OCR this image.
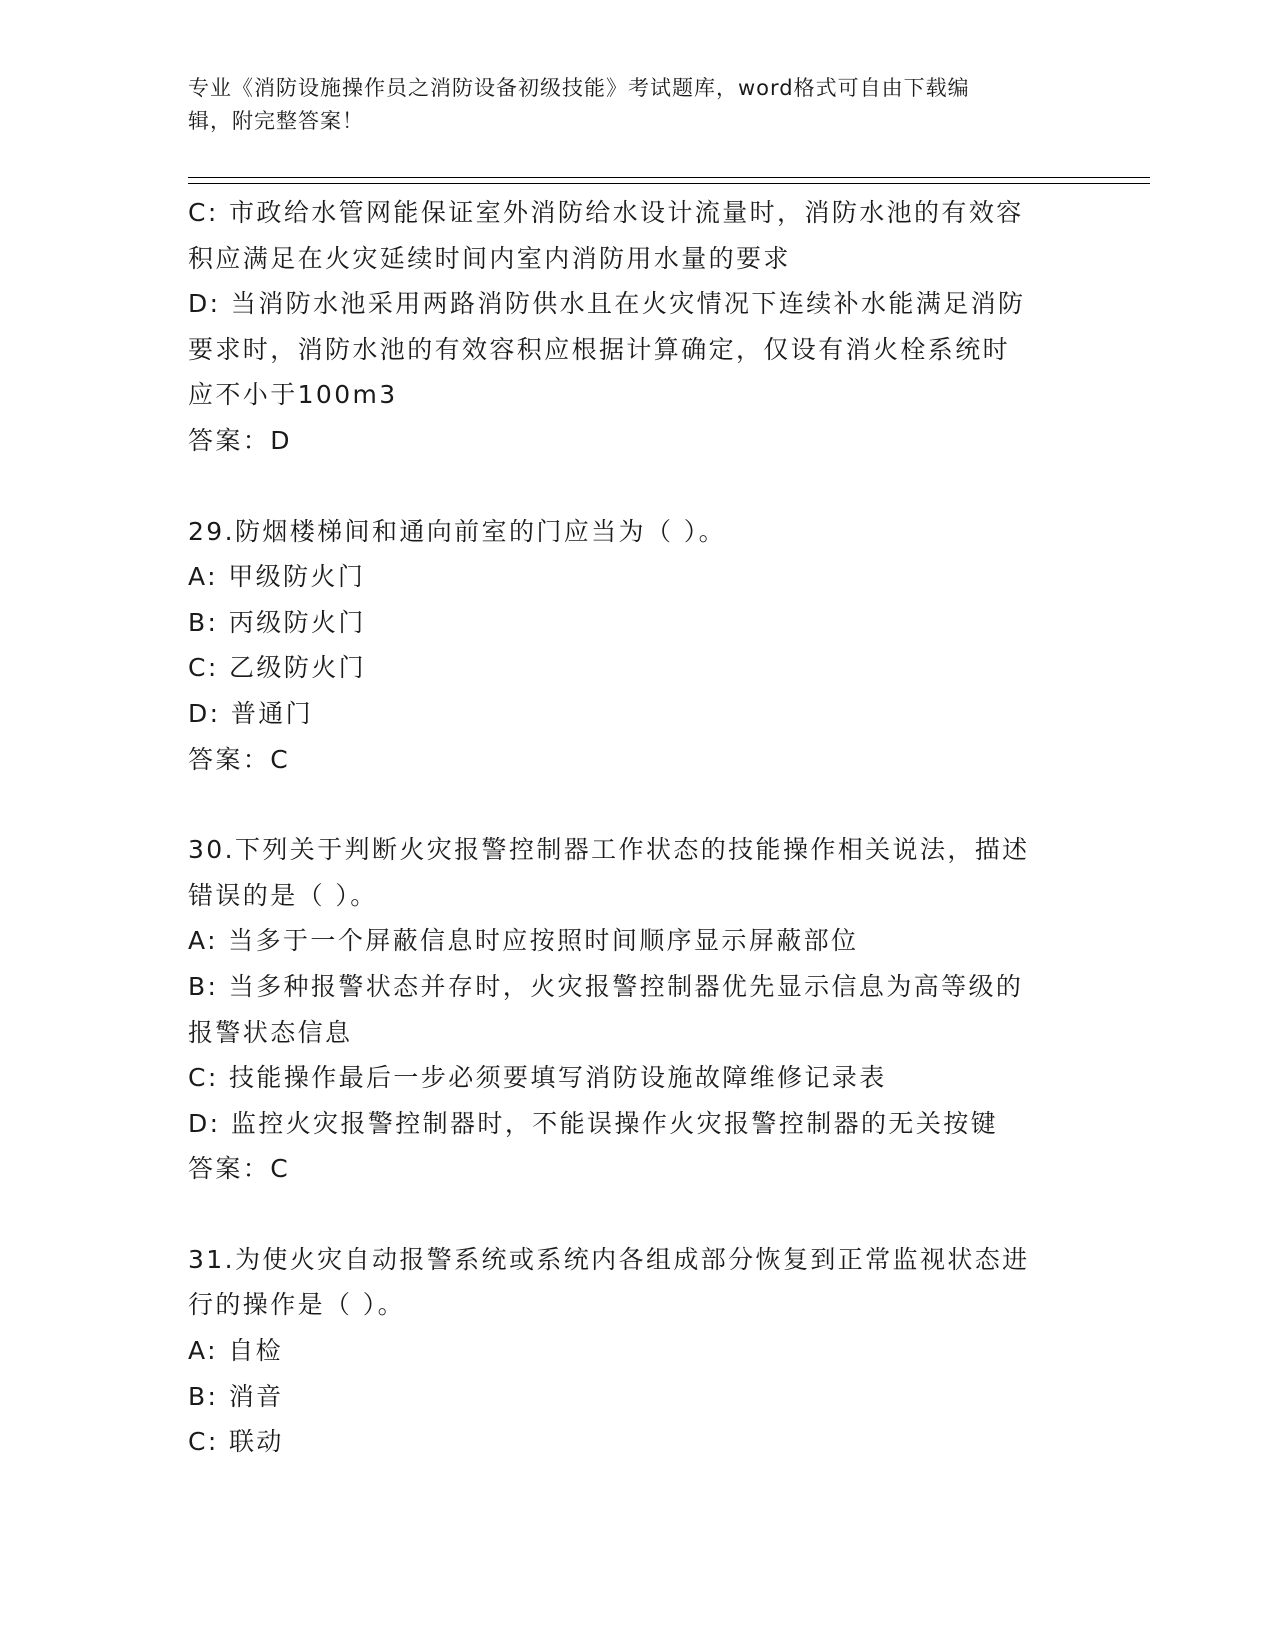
专业《消防设施操作员之消防设备初级技能》考试题库，word格式可自由下载编
辑，附完整答案！
C: 市政给水管网能保证室外消防给水设计流量时，消防水池的有效容
积应满足在火灾延续时间内室内消防用水量的要求
D: 当消防水池采用两路消防供水且在火灾情况下连续补水能满足消防
要求时，消防水池的有效容积应根据计算确定，仅设有消火栓系统时
应不小于100m3
答案：D
29.防烟楼梯间和通向前室的门应当为（ ）。
A: 甲级防火门
B: 丙级防火门
C: 乙级防火门
D: 普通门
答案：C
30.下列关于判断火灾报警控制器工作状态的技能操作相关说法，描述
错误的是（ ）。
A: 当多于一个屏蔽信息时应按照时间顺序显示屏蔽部位
B: 当多种报警状态并存时，火灾报警控制器优先显示信息为高等级的
报警状态信息
C: 技能操作最后一步必须要填写消防设施故障维修记录表
D: 监控火灾报警控制器时，不能误操作火灾报警控制器的无关按键
答案：C
31.为使火灾自动报警系统或系统内各组成部分恢复到正常监视状态进
行的操作是（ ）。
A: 自检
B: 消音
C: 联动
